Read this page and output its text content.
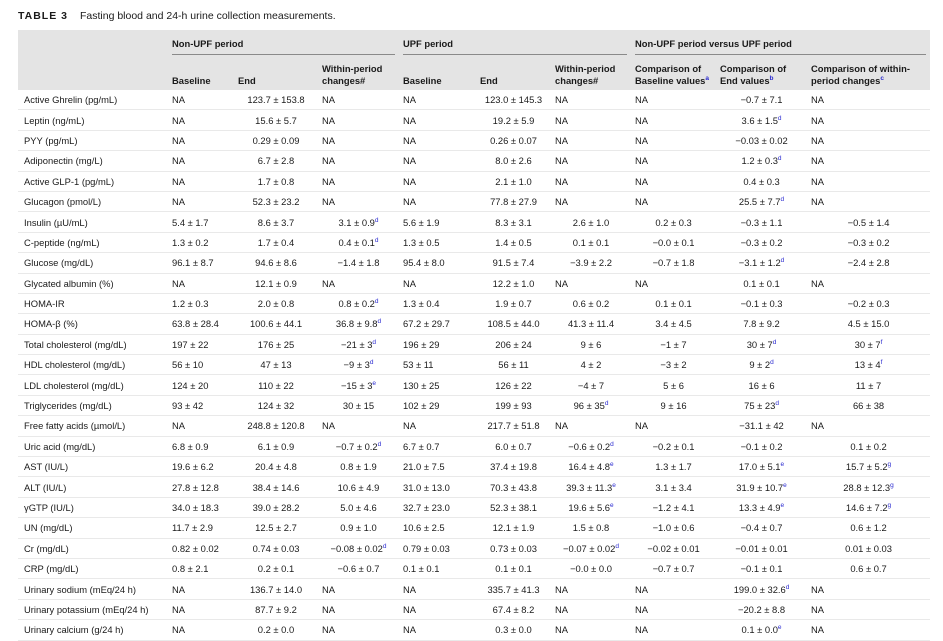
TABLE 3 Fasting blood and 24-h urine collection measurements.

	Non-UPF period			UPF period			Non-UPF period versus UPF period		

	Baseline	End	Within-period changes#	Baseline	End	Within-period changes#	Comparison of Baseline values$^a$	Comparison of End values$^b$	Comparison of within-period changes$^c$
Active Ghrelin (pg/mL)	NA	123.7 ± 153.8	NA	NA	123.0 ± 145.3	NA	NA	−0.7 ± 7.1	NA
Leptin (ng/mL)	NA	15.6 ± 5.7	NA	NA	19.2 ± 5.9	NA	NA	3.6 ± 1.5$^d$	NA
PYY (pg/mL)	NA	0.29 ± 0.09	NA	NA	0.26 ± 0.07	NA	NA	−0.03 ± 0.02	NA
Adiponectin (mg/L)	NA	6.7 ± 2.8	NA	NA	8.0 ± 2.6	NA	NA	1.2 ± 0.3$^d$	NA
Active GLP-1 (pg/mL)	NA	1.7 ± 0.8	NA	NA	2.1 ± 1.0	NA	NA	0.4 ± 0.3	NA
Glucagon (pmol/L)	NA	52.3 ± 23.2	NA	NA	77.8 ± 27.9	NA	NA	25.5 ± 7.7$^d$	NA
Insulin (µU/mL)	5.4 ± 1.7	8.6 ± 3.7	3.1 ± 0.9$^d$	5.6 ± 1.9	8.3 ± 3.1	2.6 ± 1.0	0.2 ± 0.3	−0.3 ± 1.1	−0.5 ± 1.4
C-peptide (ng/mL)	1.3 ± 0.2	1.7 ± 0.4	0.4 ± 0.1$^d$	1.3 ± 0.5	1.4 ± 0.5	0.1 ± 0.1	−0.0 ± 0.1	−0.3 ± 0.2	−0.3 ± 0.2
Glucose (mg/dL)	96.1 ± 8.7	94.6 ± 8.6	−1.4 ± 1.8	95.4 ± 8.0	91.5 ± 7.4	−3.9 ± 2.2	−0.7 ± 1.8	−3.1 ± 1.2$^d$	−2.4 ± 2.8
Glycated albumin (%)	NA	12.1 ± 0.9	NA	NA	12.2 ± 1.0	NA	NA	0.1 ± 0.1	NA
HOMA-IR	1.2 ± 0.3	2.0 ± 0.8	0.8 ± 0.2$^d$	1.3 ± 0.4	1.9 ± 0.7	0.6 ± 0.2	0.1 ± 0.1	−0.1 ± 0.3	−0.2 ± 0.3
HOMA-β (%)	63.8 ± 28.4	100.6 ± 44.1	36.8 ± 9.8$^d$	67.2 ± 29.7	108.5 ± 44.0	41.3 ± 11.4	3.4 ± 4.5	7.8 ± 9.2	4.5 ± 15.0
Total cholesterol (mg/dL)	197 ± 22	176 ± 25	$-21 \pm 3^d$	196 ± 29	206 ± 24	9 ± 6	−1 ± 7	$30 \pm 7^d$	$30 \pm 7^f$
HDL cholesterol (mg/dL)	56 ± 10	47 ± 13	$-9 \pm 3^d$	53 ± 11	56 ± 11	4 ± 2	−3 ± 2	$9 \pm 2^d$	$13 \pm 4^f$
LDL cholesterol (mg/dL)	124 ± 20	110 ± 22	$-15 \pm 3^e$	130 ± 25	126 ± 22	−4 ± 7	5 ± 6	16 ± 6	11 ± 7
Triglycerides (mg/dL)	93 ± 42	124 ± 32	30 ± 15	102 ± 29	199 ± 93	$96 \pm 35^d$	9 ± 16	$75 \pm 23^d$	66 ± 38
Free fatty acids (µmol/L)	NA	248.8 ± 120.8	NA	NA	217.7 ± 51.8	NA	NA	−31.1 ± 42	NA
Uric acid (mg/dL)	6.8 ± 0.9	6.1 ± 0.9	−0.7 ± 0.2$^d$	6.7 ± 0.7	6.0 ± 0.7	−0.6 ± 0.2$^d$	−0.2 ± 0.1	−0.1 ± 0.2	0.1 ± 0.2
AST (IU/L)	19.6 ± 6.2	20.4 ± 4.8	0.8 ± 1.9	21.0 ± 7.5	37.4 ± 19.8	16.4 ± 4.8$^e$	1.3 ± 1.7	17.0 ± 5.1$^e$	15.7 ± 5.2$^g$
ALT (IU/L)	27.8 ± 12.8	38.4 ± 14.6	10.6 ± 4.9	31.0 ± 13.0	70.3 ± 43.8	39.3 ± 11.3$^e$	3.1 ± 3.4	31.9 ± 10.7$^e$	28.8 ± 12.3$^g$
γGTP (IU/L)	34.0 ± 18.3	39.0 ± 28.2	5.0 ± 4.6	32.7 ± 23.0	52.3 ± 38.1	19.6 ± 5.6$^e$	−1.2 ± 4.1	13.3 ± 4.9$^e$	14.6 ± 7.2$^g$
UN (mg/dL)	11.7 ± 2.9	12.5 ± 2.7	0.9 ± 1.0	10.6 ± 2.5	12.1 ± 1.9	1.5 ± 0.8	−1.0 ± 0.6	−0.4 ± 0.7	0.6 ± 1.2
Cr (mg/dL)	0.82 ± 0.02	0.74 ± 0.03	−0.08 ± 0.02$^d$	0.79 ± 0.03	0.73 ± 0.03	−0.07 ± 0.02$^d$	−0.02 ± 0.01	−0.01 ± 0.01	0.01 ± 0.03
CRP (mg/dL)	0.8 ± 2.1	0.2 ± 0.1	−0.6 ± 0.7	0.1 ± 0.1	0.1 ± 0.1	−0.0 ± 0.0	−0.7 ± 0.7	−0.1 ± 0.1	0.6 ± 0.7
Urinary sodium (mEq/24 h)	NA	136.7 ± 14.0	NA	NA	335.7 ± 41.3	NA	NA	199.0 ± 32.6$^d$	NA
Urinary potassium (mEq/24 h)	NA	87.7 ± 9.2	NA	NA	67.4 ± 8.2	NA	NA	−20.2 ± 8.8	NA
Urinary calcium (g/24 h)	NA	0.2 ± 0.0	NA	NA	0.3 ± 0.0	NA	NA	0.1 ± 0.0$^e$	NA
